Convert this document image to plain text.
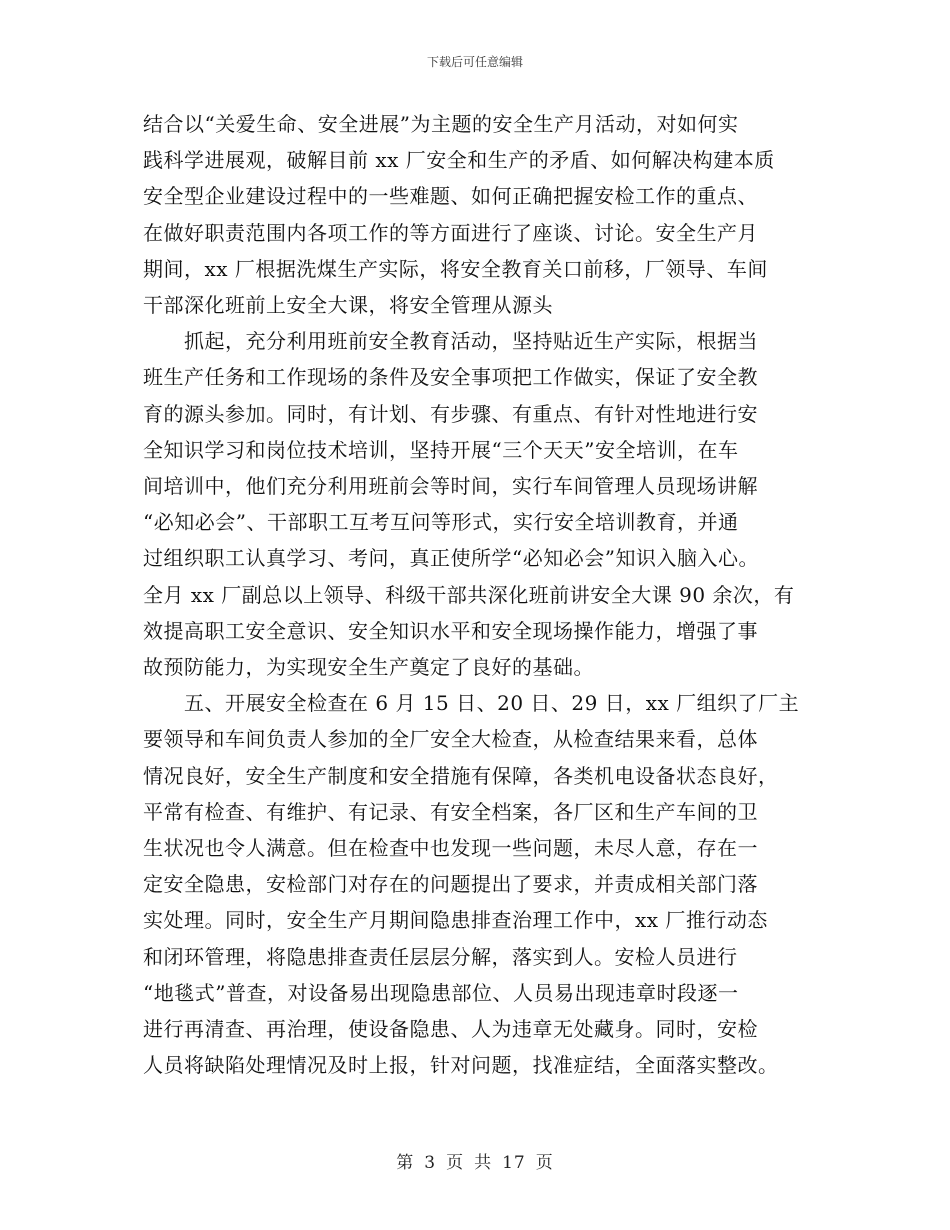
下载后可任意编辑

结合以“关爱生命、安全进展”为主题的安全生产月活动，对如何实
践科学进展观，破解目前 xx 厂安全和生产的矛盾、如何解决构建本质
安全型企业建设过程中的一些难题、如何正确把握安检工作的重点、
在做好职责范围内各项工作的等方面进行了座谈、讨论。安全生产月
期间，xx 厂根据洗煤生产实际，将安全教育关口前移，厂领导、车间
干部深化班前上安全大课，将安全管理从源头

　　抓起，充分利用班前安全教育活动，坚持贴近生产实际，根据当
班生产任务和工作现场的条件及安全事项把工作做实，保证了安全教
育的源头参加。同时，有计划、有步骤、有重点、有针对性地进行安
全知识学习和岗位技术培训，坚持开展“三个天天”安全培训，在车
间培训中，他们充分利用班前会等时间，实行车间管理人员现场讲解
“必知必会”、干部职工互考互问等形式，实行安全培训教育，并通
过组织职工认真学习、考问，真正使所学“必知必会”知识入脑入心。
全月 xx 厂副总以上领导、科级干部共深化班前讲安全大课 90 余次，有
效提高职工安全意识、安全知识水平和安全现场操作能力，增强了事
故预防能力，为实现安全生产奠定了良好的基础。

　　五、开展安全检查在 6 月 15 日、20 日、29 日，xx 厂组织了厂主
要领导和车间负责人参加的全厂安全大检查，从检查结果来看，总体
情况良好，安全生产制度和安全措施有保障，各类机电设备状态良好，
平常有检查、有维护、有记录、有安全档案，各厂区和生产车间的卫
生状况也令人满意。但在检查中也发现一些问题，未尽人意，存在一
定安全隐患，安检部门对存在的问题提出了要求，并责成相关部门落
实处理。同时，安全生产月期间隐患排查治理工作中，xx 厂推行动态
和闭环管理，将隐患排查责任层层分解，落实到人。安检人员进行
“地毯式”普查，对设备易出现隐患部位、人员易出现违章时段逐一
进行再清查、再治理，使设备隐患、人为违章无处藏身。同时，安检
人员将缺陷处理情况及时上报，针对问题，找准症结，全面落实整改。

第 3 页 共 17 页
